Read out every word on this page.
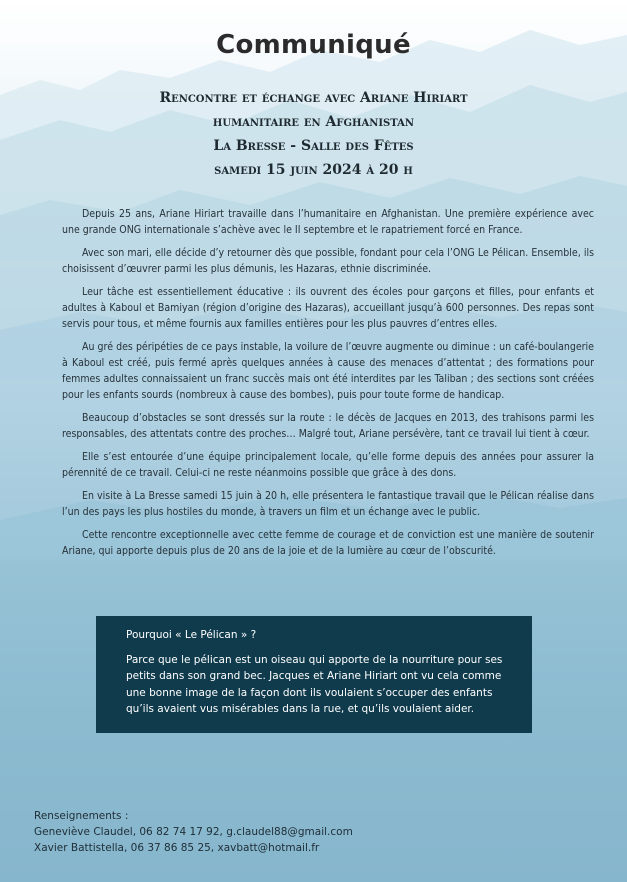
Communiqué
Rencontre et échange avec Ariane Hiriart
humanitaire en Afghanistan
La Bresse - Salle des Fêtes
samedi 15 juin 2024 à 20 h

Depuis 25 ans, Ariane Hiriart travaille dans l’humanitaire en Afghanistan. Une première expérience avec une grande ONG internationale s’achève avec le II septembre et le rapatriement forcé en France.

Avec son mari, elle décide d’y retourner dès que possible, fondant pour cela l’ONG Le Pélican. Ensemble, ils choisissent d’œuvrer parmi les plus démunis, les Hazaras, ethnie discriminée.

Leur tâche est essentiellement éducative : ils ouvrent des écoles pour garçons et filles, pour enfants et adultes à Kaboul et Bamiyan (région d’origine des Hazaras), accueillant jusqu’à 600 personnes. Des repas sont servis pour tous, et même fournis aux familles entières pour les plus pauvres d’entres elles.

Au gré des péripéties de ce pays instable, la voilure de l’œuvre augmente ou diminue : un café-boulangerie à Kaboul est créé, puis fermé après quelques années à cause des menaces d’attentat ; des formations pour femmes adultes connaissaient un franc succès mais ont été interdites par les Taliban ; des sections sont créées pour les enfants sourds (nombreux à cause des bombes), puis pour toute forme de handicap.

Beaucoup d’obstacles se sont dressés sur la route : le décès de Jacques en 2013, des trahisons parmi les responsables, des attentats contre des proches… Malgré tout, Ariane persévère, tant ce travail lui tient à cœur.

Elle s’est entourée d’une équipe principalement locale, qu’elle forme depuis des années pour assurer la pérennité de ce travail. Celui-ci ne reste néanmoins possible que grâce à des dons.

En visite à La Bresse samedi 15 juin à 20 h, elle présentera le fantastique travail que le Pélican réalise dans l’un des pays les plus hostiles du monde, à travers un film et un échange avec le public.

Cette rencontre exceptionnelle avec cette femme de courage et de conviction est une manière de soutenir Ariane, qui apporte depuis plus de 20 ans de la joie et de la lumière au cœur de l’obscurité.

Pourquoi « Le Pélican » ?

Parce que le pélican est un oiseau qui apporte de la nourriture pour ses petits dans son grand bec. Jacques et Ariane Hiriart ont vu cela comme une bonne image de la façon dont ils voulaient s’occuper des enfants qu’ils avaient vus misérables dans la rue, et qu’ils voulaient aider.

Renseignements :
Geneviève Claudel, 06 82 74 17 92, g.claudel88@gmail.com
Xavier Battistella, 06 37 86 85 25, xavbatt@hotmail.fr
